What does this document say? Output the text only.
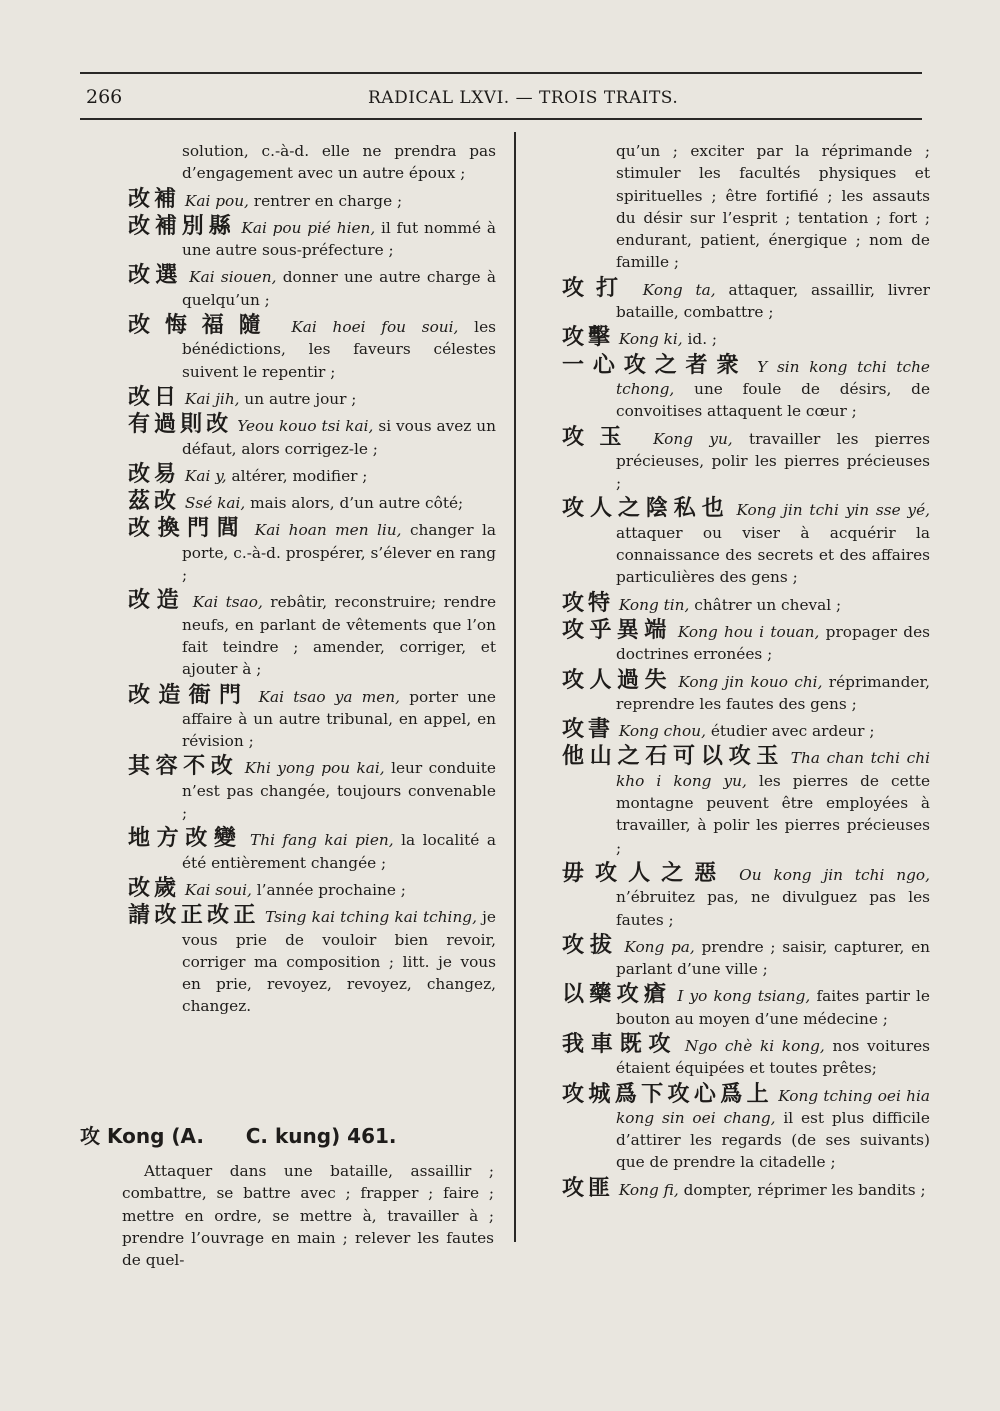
266	RADICAL LXVI. — TROIS TRAITS.

solution, c.-à-d. elle ne prendra pas d’engagement avec un autre époux ;

改補 Kai pou, rentrer en charge ;

改補別縣 Kai pou pié hien, il fut nommé à une autre sous-préfecture ;

改選 Kai siouen, donner une autre charge à quelqu’un ;

改悔福隨 Kai hoei fou soui, les bénédictions, les faveurs célestes suivent le repentir ;

改日 Kai jih, un autre jour ;

有過則改 Yeou kouo tsi kai, si vous avez un défaut, alors corrigez-le ;

改易 Kai y, altérer, modifier ;

茲改 Ssé kai, mais alors, d’un autre côté;

改換門閭 Kai hoan men liu, changer la porte, c.-à-d. prospérer, s’élever en rang ;

改造 Kai tsao, rebâtir, reconstruire; rendre neufs, en parlant de vêtements que l’on fait teindre ; amender, corriger, et ajouter à ;

改造衙門 Kai tsao ya men, porter une affaire à un autre tribunal, en appel, en révision ;

其容不改 Khi yong pou kai, leur conduite n’est pas changée, toujours convenable ;

地方改變 Thi fang kai pien, la localité a été entièrement changée ;

改歲 Kai soui, l’année prochaine ;

請改正改正 Tsing kai tching kai tching, je vous prie de vouloir bien revoir, corriger ma composition ; litt. je vous en prie, revoyez, revoyez, changez, changez.

qu’un ; exciter par la réprimande ; stimuler les facultés physiques et spirituelles ; être fortifié ; les assauts du désir sur l’esprit ; tentation ; fort ; endurant, patient, énergique ; nom de famille ;

攻打 Kong ta, attaquer, assaillir, livrer bataille, combattre ;

攻擊 Kong ki, id. ;

一心攻之者衆 Y sin kong tchi tche tchong, une foule de désirs, de convoitises attaquent le cœur ;

攻玉 Kong yu, travailler les pierres précieuses, polir les pierres précieuses ;

攻人之陰私也 Kong jin tchi yin sse yé, attaquer ou viser à acquérir la connaissance des secrets et des affaires particulières des gens ;

攻特 Kong tin, châtrer un cheval ;

攻乎異端 Kong hou i touan, propager des doctrines erronées ;

攻人過失 Kong jin kouo chi, réprimander, reprendre les fautes des gens ;

攻書 Kong chou, étudier avec ardeur ;

他山之石可以攻玉 Tha chan tchi chi kho i kong yu, les pierres de cette montagne peuvent être employées à travailler, à polir les pierres précieuses ;

毋攻人之惡 Ou kong jin tchi ngo, n’ébruitez pas, ne divulguez pas les fautes ;

攻拔 Kong pa, prendre ; saisir, capturer, en parlant d’une ville ;

以藥攻瘡 I yo kong tsiang, faites partir le bouton au moyen d’une médecine ;

我車既攻 Ngo chè ki kong, nos voitures étaient équipées et toutes prêtes;

攻城爲下攻心爲上 Kong tching oei hia kong sin oei chang, il est plus difficile d’attirer les regards (de ses suivants) que de prendre la citadelle ;

攻匪 Kong fi, dompter, réprimer les bandits ;

攻 Kong (A.      C. kung) 461.

Attaquer dans une bataille, assaillir ; combattre, se battre avec ; frapper ; faire ; mettre en ordre, se mettre à, travailler à ; prendre l’ouvrage en main ; relever les fautes de quel-
